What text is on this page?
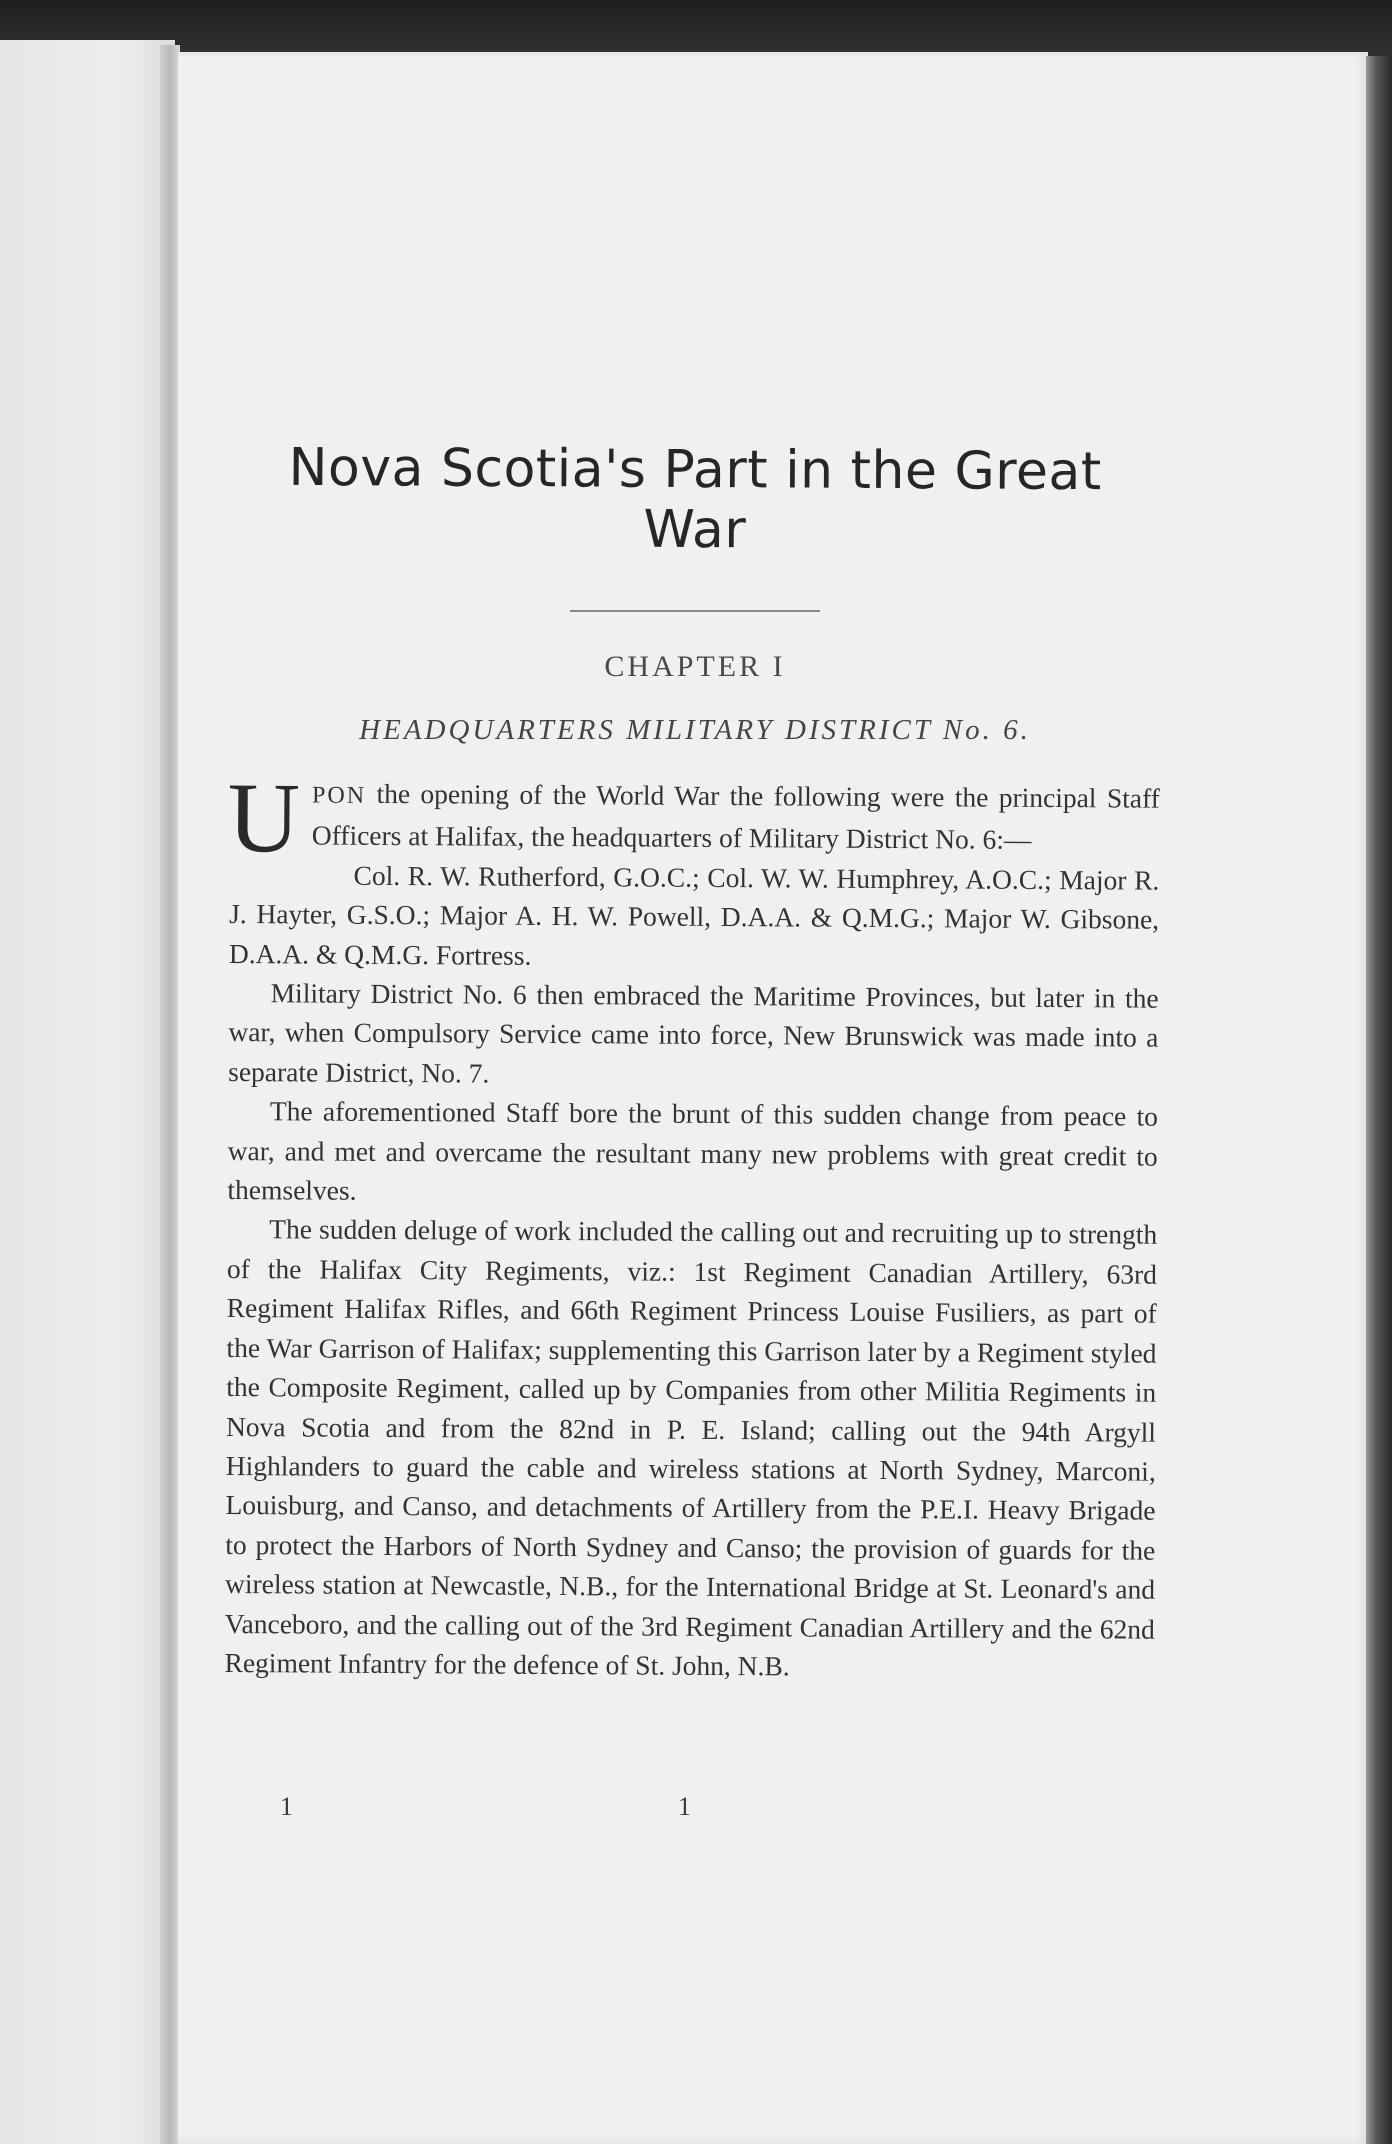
Nova Scotia's Part in the Great War
CHAPTER I
HEADQUARTERS MILITARY DISTRICT No. 6.

UPON the opening of the World War the following were the principal Staff Officers at Halifax, the headquarters of Military District No. 6:—

Col. R. W. Rutherford, G.O.C.; Col. W. W. Humphrey, A.O.C.; Major R. J. Hayter, G.S.O.; Major A. H. W. Powell, D.A.A. & Q.M.G.; Major W. Gibsone, D.A.A. & Q.M.G. Fortress.

Military District No. 6 then embraced the Maritime Provinces, but later in the war, when Compulsory Service came into force, New Brunswick was made into a separate District, No. 7.

The aforementioned Staff bore the brunt of this sudden change from peace to war, and met and overcame the resultant many new problems with great credit to themselves.

The sudden deluge of work included the calling out and recruiting up to strength of the Halifax City Regiments, viz.: 1st Regiment Canadian Artillery, 63rd Regiment Halifax Rifles, and 66th Regiment Princess Louise Fusiliers, as part of the War Garrison of Halifax; supplementing this Garrison later by a Regiment styled the Composite Regiment, called up by Companies from other Militia Regiments in Nova Scotia and from the 82nd in P. E. Island; calling out the 94th Argyll Highlanders to guard the cable and wireless stations at North Sydney, Marconi, Louisburg, and Canso, and detachments of Artillery from the P.E.I. Heavy Brigade to protect the Harbors of North Sydney and Canso; the provision of guards for the wireless station at Newcastle, N.B., for the International Bridge at St. Leonard's and Vanceboro, and the calling out of the 3rd Regiment Canadian Artillery and the 62nd Regiment Infantry for the defence of St. John, N.B.

1	1
